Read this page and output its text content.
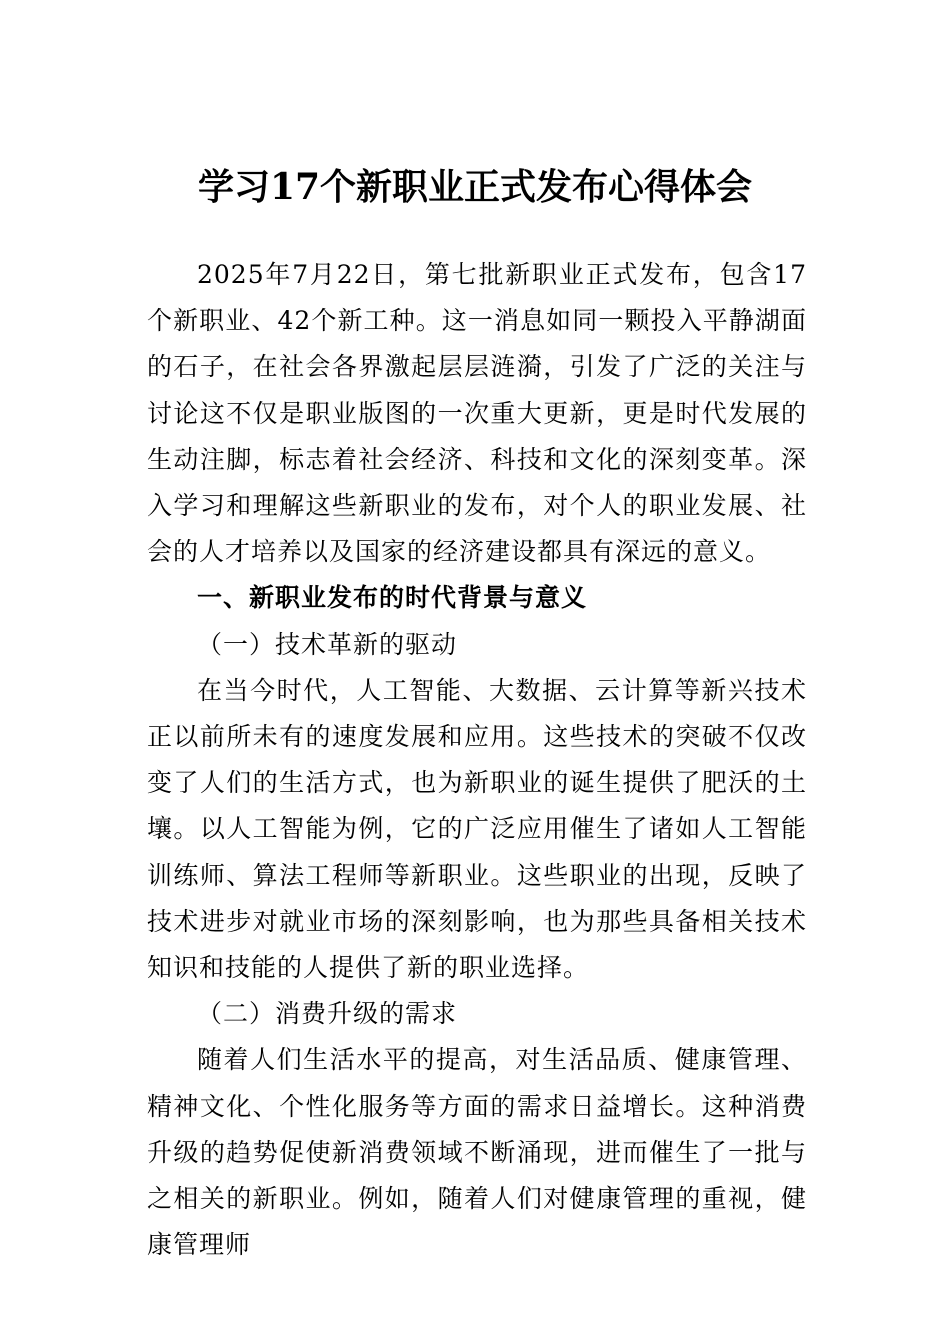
学习17个新职业正式发布心得体会

2025年7月22日，第七批新职业正式发布，包含17个新职业、42个新工种。这一消息如同一颗投入平静湖面的石子，在社会各界激起层层涟漪，引发了广泛的关注与讨论这不仅是职业版图的一次重大更新，更是时代发展的生动注脚，标志着社会经济、科技和文化的深刻变革。深入学习和理解这些新职业的发布，对个人的职业发展、社会的人才培养以及国家的经济建设都具有深远的意义。

一、新职业发布的时代背景与意义

（一）技术革新的驱动

在当今时代，人工智能、大数据、云计算等新兴技术正以前所未有的速度发展和应用。这些技术的突破不仅改变了人们的生活方式，也为新职业的诞生提供了肥沃的土壤。以人工智能为例，它的广泛应用催生了诸如人工智能训练师、算法工程师等新职业。这些职业的出现，反映了技术进步对就业市场的深刻影响，也为那些具备相关技术知识和技能的人提供了新的职业选择。

（二）消费升级的需求

随着人们生活水平的提高，对生活品质、健康管理、精神文化、个性化服务等方面的需求日益增长。这种消费升级的趋势促使新消费领域不断涌现，进而催生了一批与之相关的新职业。例如，随着人们对健康管理的重视，健康管理师
